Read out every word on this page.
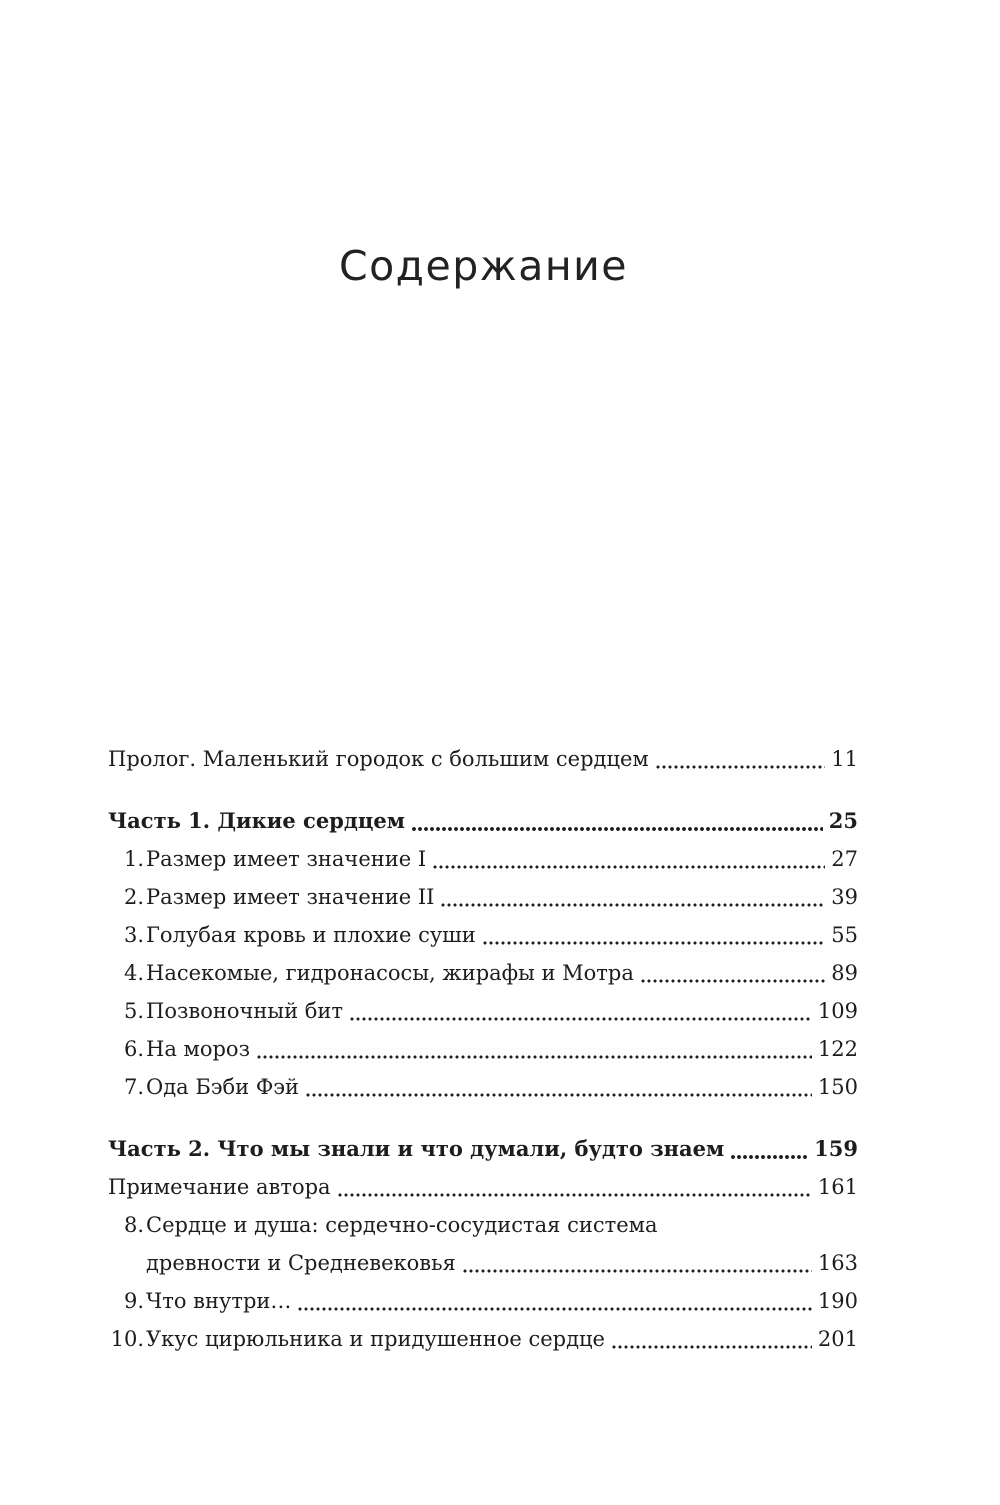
Содержание
Пролог. Маленький городок с большим сердцем	11
Часть 1. Дикие сердцем	25
1. Размер имеет значение I	27
2. Размер имеет значение II	39
3. Голубая кровь и плохие суши	55
4. Насекомые, гидронасосы, жирафы и Мотра	89
5. Позвоночный бит	109
6. На мороз	122
7. Ода Бэби Фэй	150
Часть 2. Что мы знали и что думали, будто знаем	159
Примечание автора	161
8. Сердце и душа: сердечно-сосудистая система
древности и Средневековья	163
9. Что внутри…	190
10. Укус цирюльника и придушенное сердце	201
